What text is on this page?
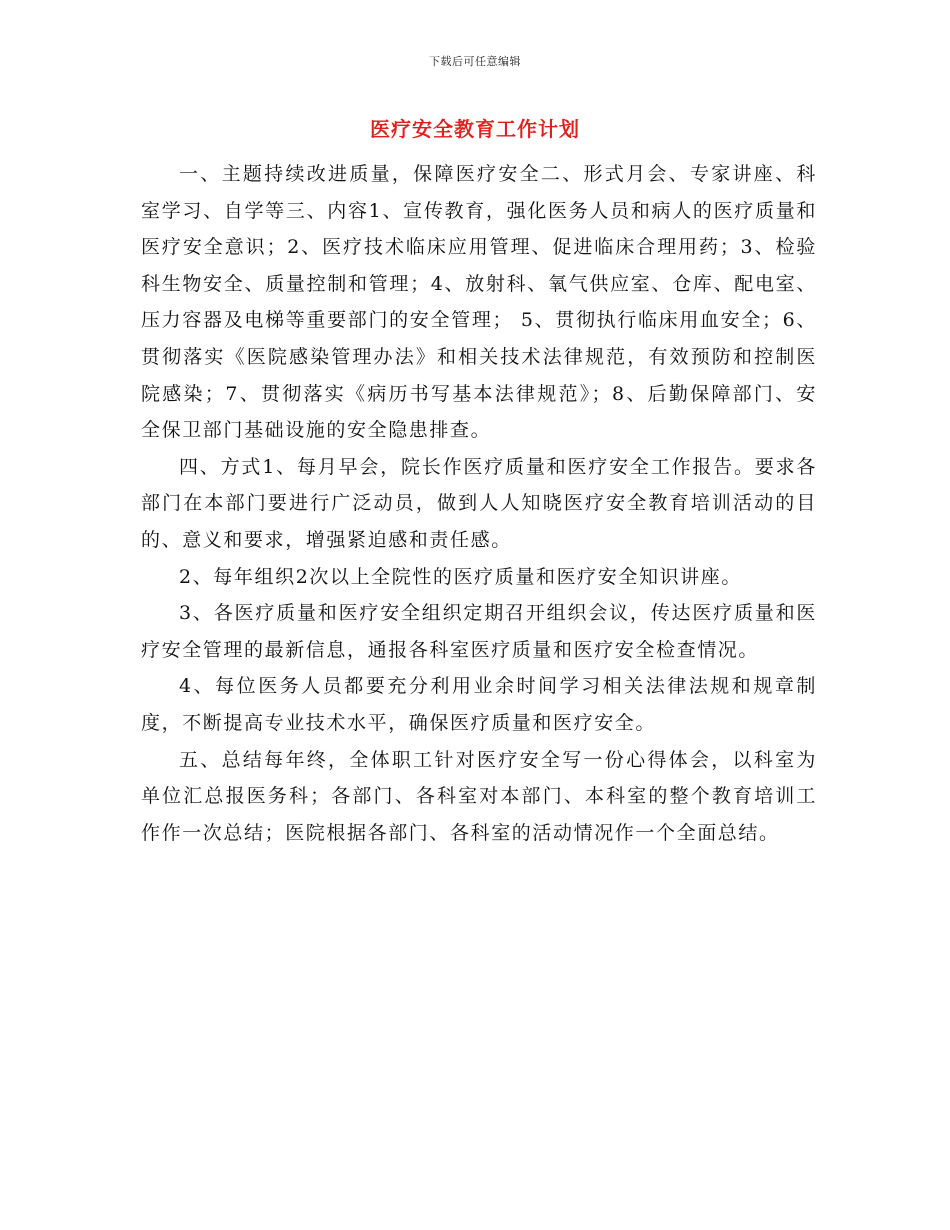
下载后可任意编辑
医疗安全教育工作计划

一、主题持续改进质量，保障医疗安全二、形式月会、专家讲座、科室学习、自学等三、内容1、宣传教育，强化医务人员和病人的医疗质量和医疗安全意识；2、医疗技术临床应用管理、促进临床合理用药；3、检验科生物安全、质量控制和管理；4、放射科、氧气供应室、仓库、配电室、压力容器及电梯等重要部门的安全管理； 5、贯彻执行临床用血安全；6、贯彻落实《医院感染管理办法》和相关技术法律规范，有效预防和控制医院感染；7、贯彻落实《病历书写基本法律规范》；8、后勤保障部门、安全保卫部门基础设施的安全隐患排查。

四、方式1、每月早会，院长作医疗质量和医疗安全工作报告。要求各部门在本部门要进行广泛动员，做到人人知晓医疗安全教育培训活动的目的、意义和要求，增强紧迫感和责任感。

2、每年组织2次以上全院性的医疗质量和医疗安全知识讲座。

3、各医疗质量和医疗安全组织定期召开组织会议，传达医疗质量和医疗安全管理的最新信息，通报各科室医疗质量和医疗安全检查情况。

4、每位医务人员都要充分利用业余时间学习相关法律法规和规章制度，不断提高专业技术水平，确保医疗质量和医疗安全。

五、总结每年终，全体职工针对医疗安全写一份心得体会，以科室为单位汇总报医务科；各部门、各科室对本部门、本科室的整个教育培训工作作一次总结；医院根据各部门、各科室的活动情况作一个全面总结。
